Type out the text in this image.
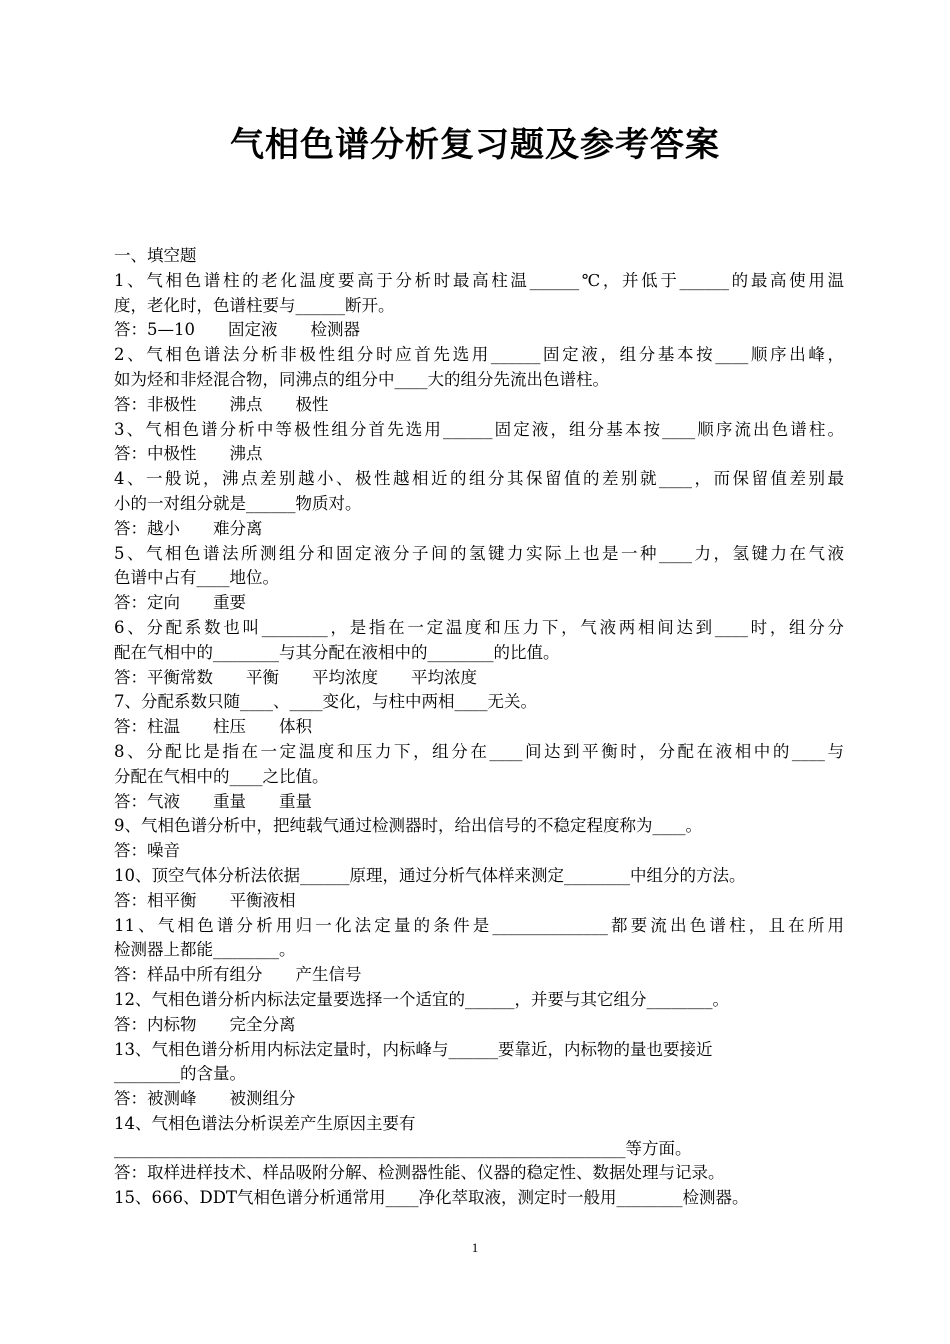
气相色谱分析复习题及参考答案
一、填空题
1、气相色谱柱的老化温度要高于分析时最高柱温______℃，并低于______的最高使用温
度，老化时，色谱柱要与______断开。
答：5—10　　固定液　　检测器
2、气相色谱法分析非极性组分时应首先选用______固定液，组分基本按____顺序出峰，
如为烃和非烃混合物，同沸点的组分中____大的组分先流出色谱柱。
答：非极性　　沸点　　极性
3、气相色谱分析中等极性组分首先选用______固定液，组分基本按____顺序流出色谱柱。
答：中极性　　沸点
4、一般说，沸点差别越小、极性越相近的组分其保留值的差别就____，而保留值差别最
小的一对组分就是______物质对。
答：越小　　难分离
5、气相色谱法所测组分和固定液分子间的氢键力实际上也是一种____力，氢键力在气液
色谱中占有____地位。
答：定向　　重要
6、分配系数也叫________，是指在一定温度和压力下，气液两相间达到____时，组分分
配在气相中的________与其分配在液相中的________的比值。
答：平衡常数　　平衡　　平均浓度　　平均浓度
7、分配系数只随____、____变化，与柱中两相____无关。
答：柱温　　柱压　　体积
8、分配比是指在一定温度和压力下，组分在____间达到平衡时，分配在液相中的____与
分配在气相中的____之比值。
答：气液　　重量　　重量
9、气相色谱分析中，把纯载气通过检测器时，给出信号的不稳定程度称为____。
答：噪音
10、顶空气体分析法依据______原理，通过分析气体样来测定________中组分的方法。
答：相平衡　　平衡液相
11、气相色谱分析用归一化法定量的条件是______________都要流出色谱柱，且在所用
检测器上都能________。
答：样品中所有组分　　产生信号
12、气相色谱分析内标法定量要选择一个适宜的______，并要与其它组分________。
答：内标物　　完全分离
13、气相色谱分析用内标法定量时，内标峰与______要靠近，内标物的量也要接近
________的含量。
答：被测峰　　被测组分
14、气相色谱法分析误差产生原因主要有
______________________________________________________________等方面。
答：取样进样技术、样品吸附分解、检测器性能、仪器的稳定性、数据处理与记录。
15、666、DDT气相色谱分析通常用____净化萃取液，测定时一般用________检测器。
1
